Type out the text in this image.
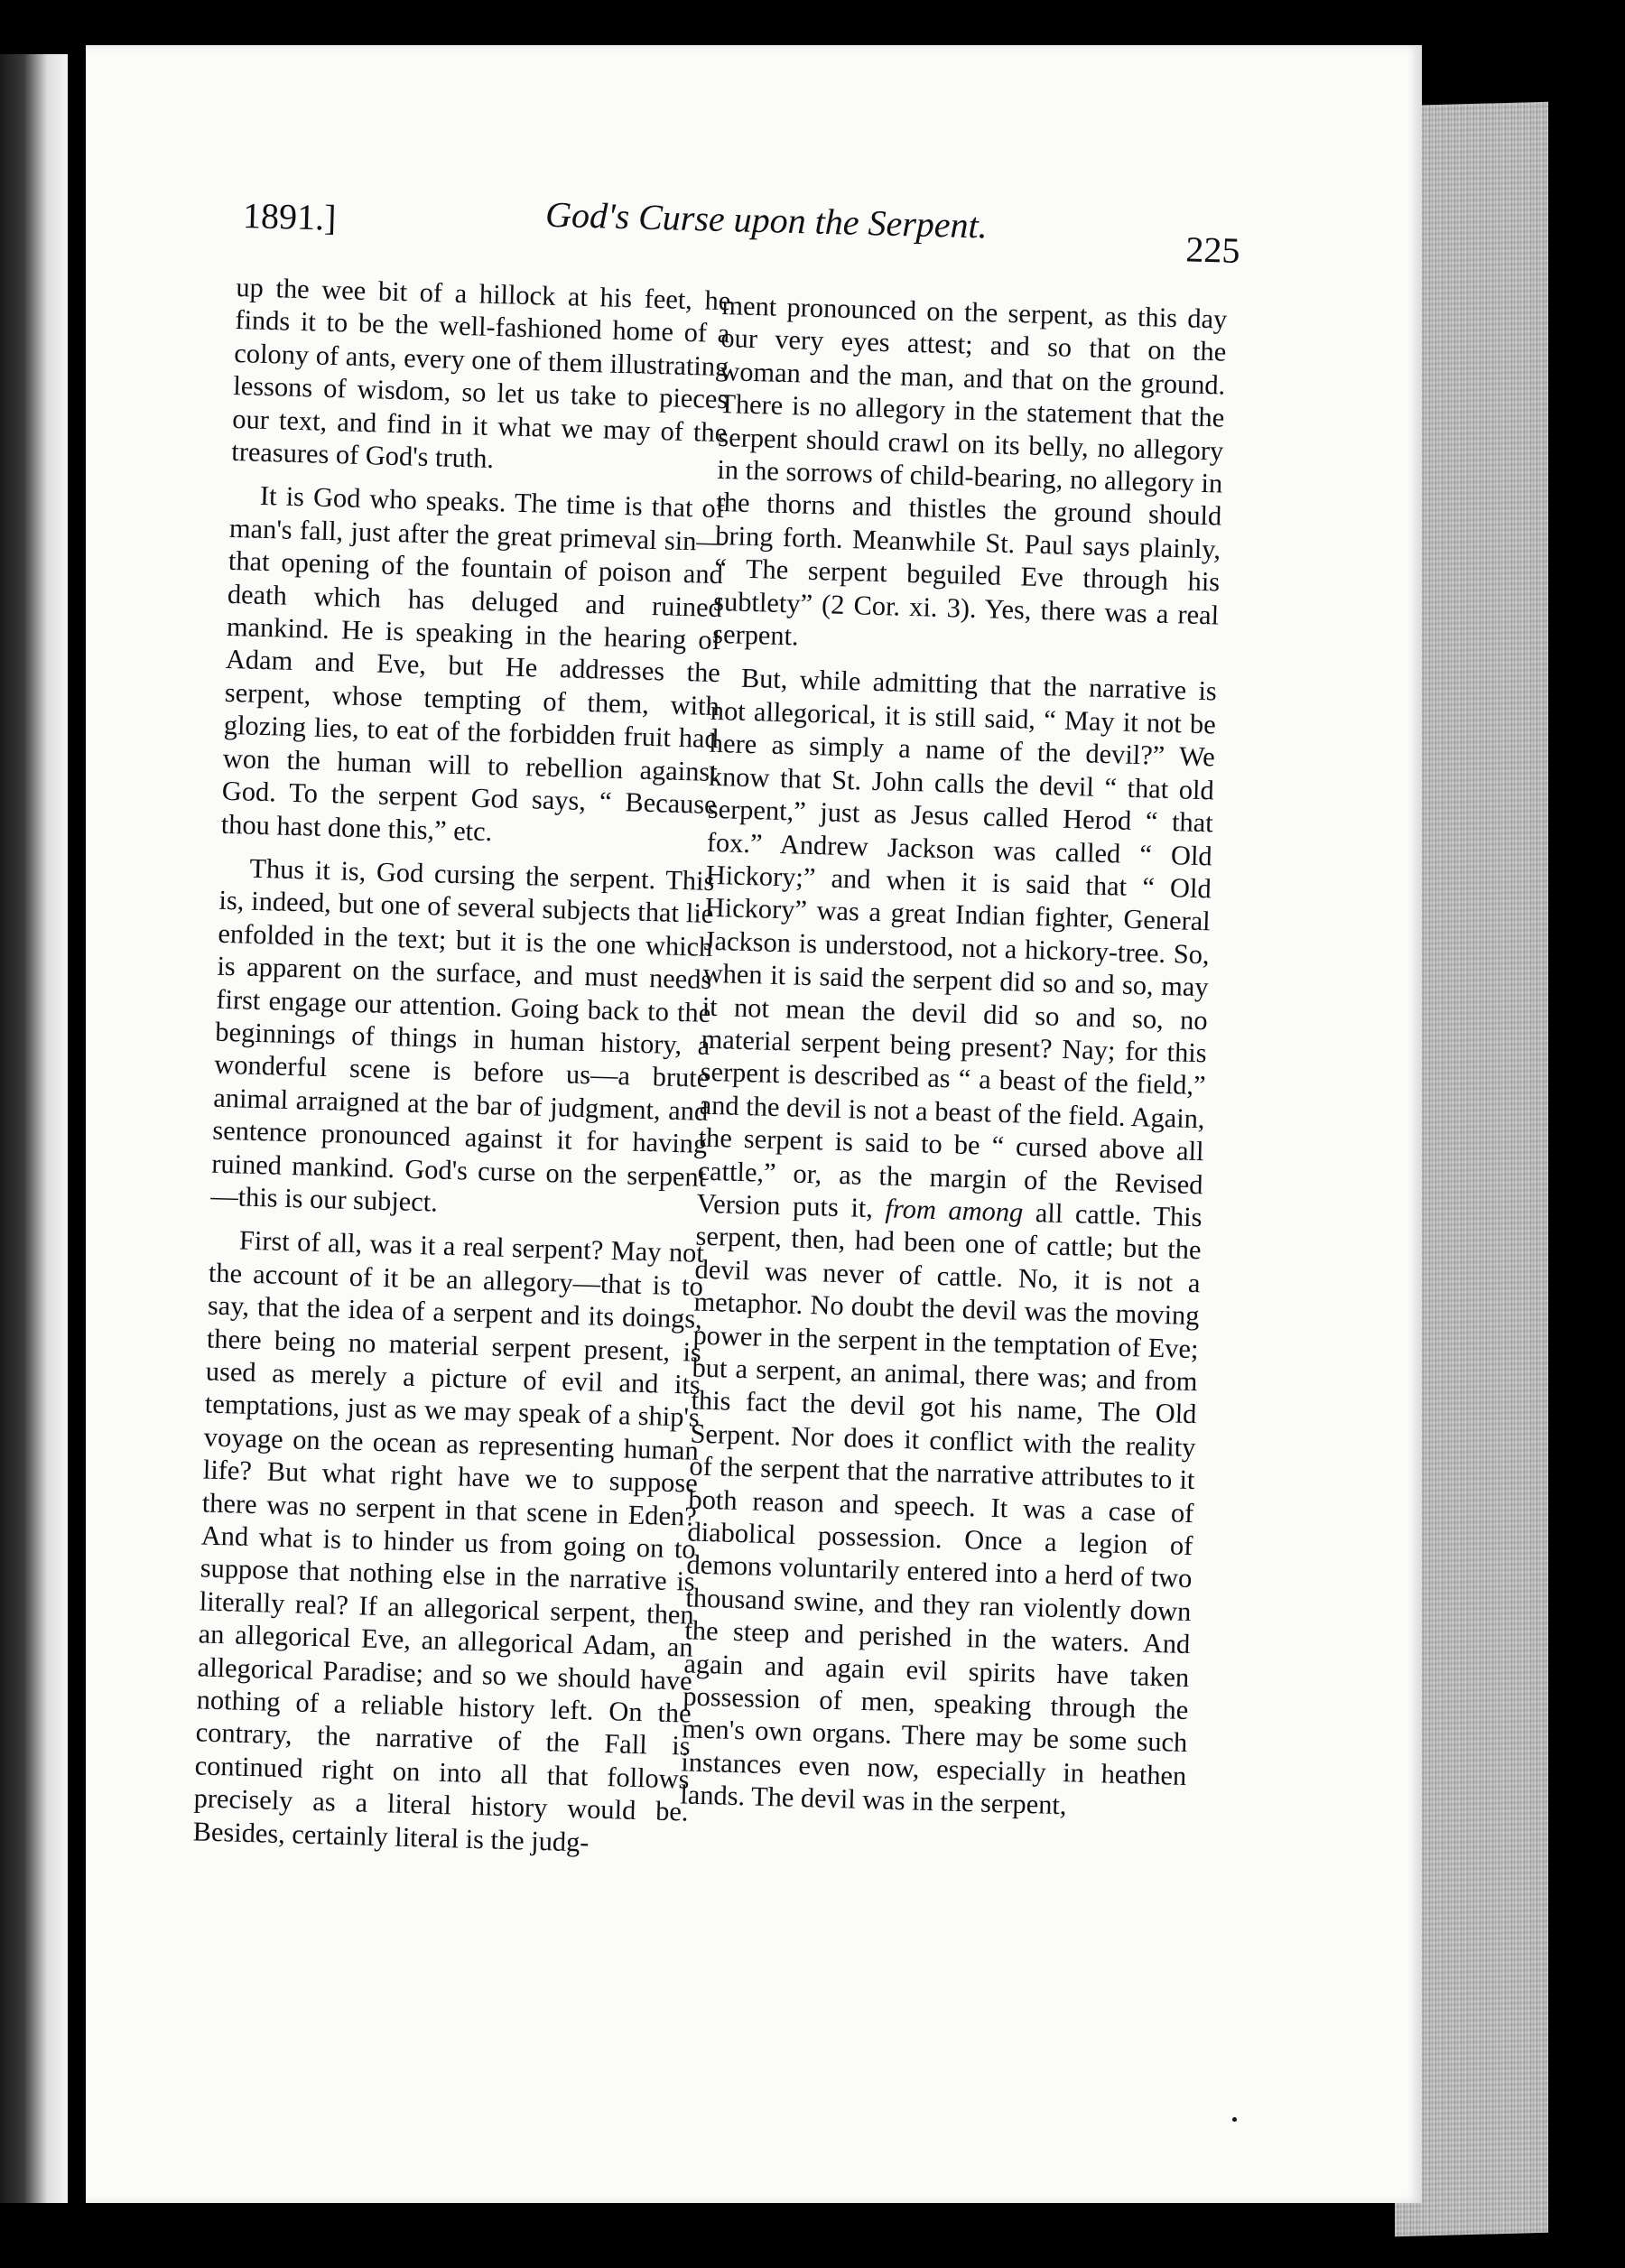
1891.]	God's Curse upon the Serpent.
225

up the wee bit of a hillock at his feet, he finds it to be the well-fashioned home of a colony of ants, every one of them illustrating lessons of wisdom, so let us take to pieces our text, and find in it what we may of the treasures of God's truth.

It is God who speaks. The time is that of man's fall, just after the great primeval sin—that opening of the fountain of poison and death which has deluged and ruined mankind. He is speaking in the hearing of Adam and Eve, but He addresses the serpent, whose tempting of them, with glozing lies, to eat of the forbidden fruit had won the human will to rebellion against God. To the serpent God says, “ Because thou hast done this,” etc.

Thus it is, God cursing the serpent. This is, indeed, but one of several subjects that lie enfolded in the text; but it is the one which is apparent on the surface, and must needs first engage our attention. Going back to the beginnings of things in human history, a wonderful scene is before us—a brute animal arraigned at the bar of judgment, and sentence pronounced against it for having ruined mankind. God's curse on the serpent—this is our subject.

First of all, was it a real serpent? May not the account of it be an allegory—that is to say, that the idea of a serpent and its doings, there being no material serpent present, is used as merely a picture of evil and its temptations, just as we may speak of a ship's voyage on the ocean as representing human life? But what right have we to suppose there was no serpent in that scene in Eden? And what is to hinder us from going on to suppose that nothing else in the narrative is literally real? If an allegorical serpent, then an allegorical Eve, an allegorical Adam, an allegorical Paradise; and so we should have nothing of a reliable history left. On the contrary, the narrative of the Fall is continued right on into all that follows precisely as a literal history would be. Besides, certainly literal is the judg-

ment pronounced on the serpent, as this day our very eyes attest; and so that on the woman and the man, and that on the ground. There is no allegory in the statement that the serpent should crawl on its belly, no allegory in the sorrows of child-bearing, no allegory in the thorns and thistles the ground should bring forth. Meanwhile St. Paul says plainly, “ The serpent beguiled Eve through his subtlety” (2 Cor. xi. 3). Yes, there was a real serpent.

But, while admitting that the narrative is not allegorical, it is still said, “ May it not be here as simply a name of the devil?” We know that St. John calls the devil “ that old serpent,” just as Jesus called Herod “ that fox.” Andrew Jackson was called “ Old Hickory;” and when it is said that “ Old Hickory” was a great Indian fighter, General Jackson is understood, not a hickory-tree. So, when it is said the serpent did so and so, may it not mean the devil did so and so, no material serpent being present? Nay; for this serpent is described as “ a beast of the field,” and the devil is not a beast of the field. Again, the serpent is said to be “ cursed above all cattle,” or, as the margin of the Revised Version puts it, from among all cattle. This serpent, then, had been one of cattle; but the devil was never of cattle. No, it is not a metaphor. No doubt the devil was the moving power in the serpent in the temptation of Eve; but a serpent, an animal, there was; and from this fact the devil got his name, The Old Serpent. Nor does it conflict with the reality of the serpent that the narrative attributes to it both reason and speech. It was a case of diabolical possession. Once a legion of demons voluntarily entered into a herd of two thousand swine, and they ran violently down the steep and perished in the waters. And again and again evil spirits have taken possession of men, speaking through the men's own organs. There may be some such instances even now, especially in heathen lands. The devil was in the serpent,
